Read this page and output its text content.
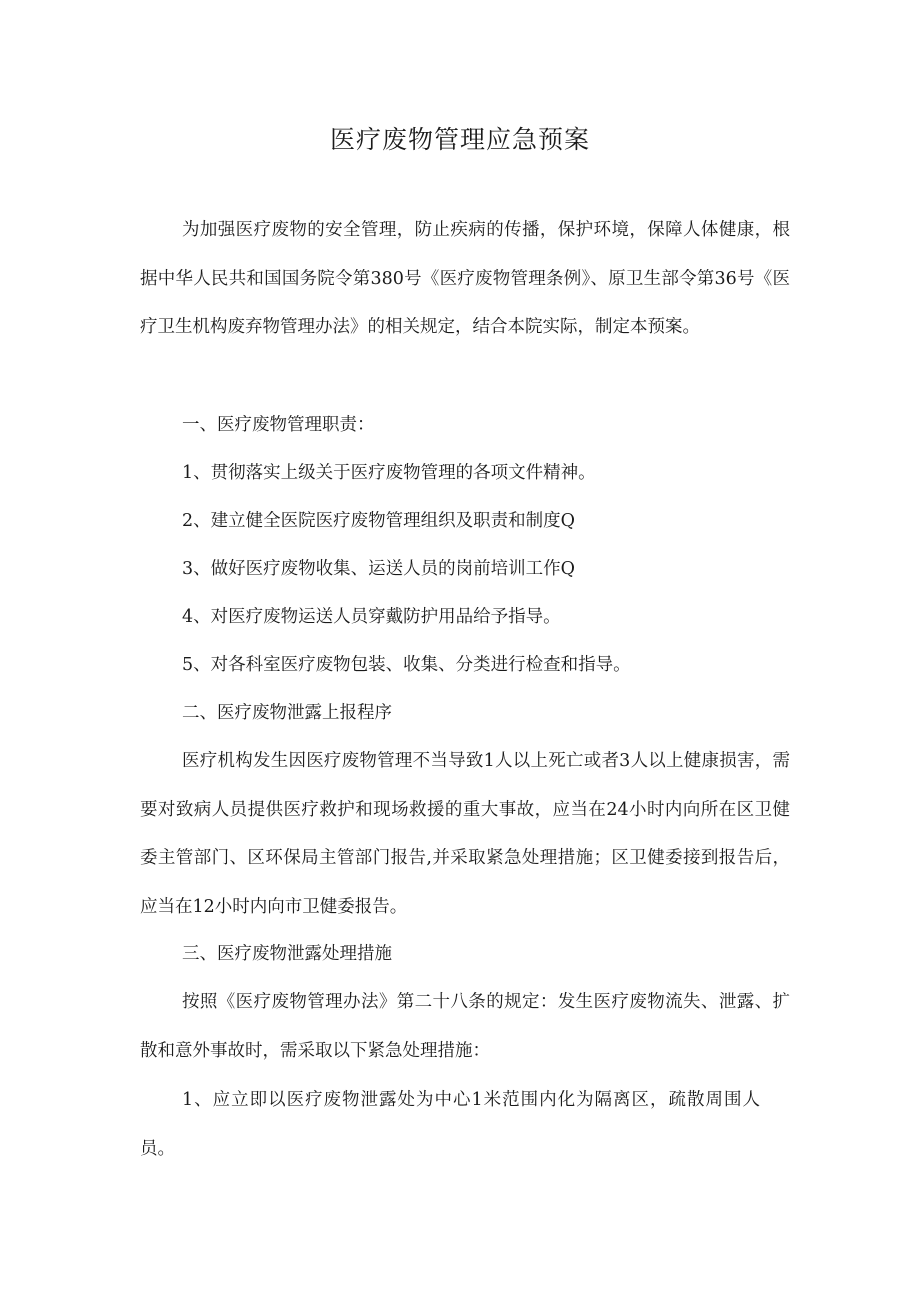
医疗废物管理应急预案

为加强医疗废物的安全管理，防止疾病的传播，保护环境，保障人体健康，根据中华人民共和国国务院令第380号《医疗废物管理条例》、原卫生部令第36号《医疗卫生机构废弃物管理办法》的相关规定，结合本院实际，制定本预案。

一、医疗废物管理职责：
1、贯彻落实上级关于医疗废物管理的各项文件精神。
2、建立健全医院医疗废物管理组织及职责和制度Q
3、做好医疗废物收集、运送人员的岗前培训工作Q
4、对医疗废物运送人员穿戴防护用品给予指导。
5、对各科室医疗废物包装、收集、分类进行检查和指导。
二、医疗废物泄露上报程序

医疗机构发生因医疗废物管理不当导致1人以上死亡或者3人以上健康损害，需要对致病人员提供医疗救护和现场救援的重大事故，应当在24小时内向所在区卫健委主管部门、区环保局主管部门报告,并采取紧急处理措施；区卫健委接到报告后，应当在12小时内向市卫健委报告。

三、医疗废物泄露处理措施

按照《医疗废物管理办法》第二十八条的规定：发生医疗废物流失、泄露、扩散和意外事故时，需采取以下紧急处理措施：

1、应立即以医疗废物泄露处为中心1米范围内化为隔离区，疏散周围人员。
